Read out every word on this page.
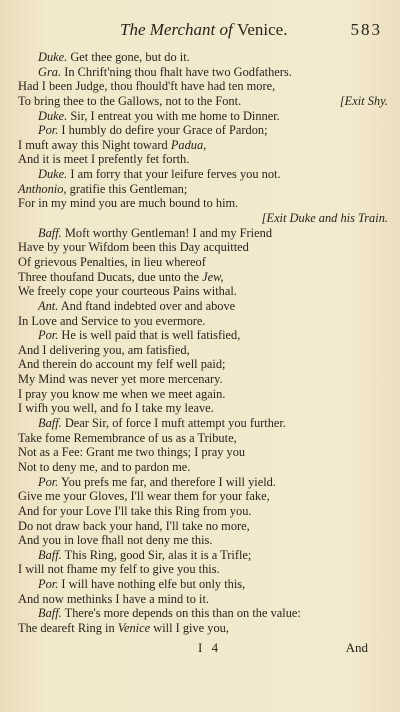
The Merchant of Venice.	583
Duke. Get thee gone, but do it.
Gra. In Chrift'ning thou fhalt have two Godfathers.
Had I been Judge, thou fhould'ft have had ten more,
To bring thee to the Gallows, not to the Font.	[Exit Shy.
Duke. Sir, I entreat you with me home to Dinner.
Por. I humbly do defire your Grace of Pardon;
I muft away this Night toward Padua,
And it is meet I prefently fet forth.
Duke. I am forry that your leifure ferves you not.
Anthonio, gratifie this Gentleman;
For in my mind you are much bound to him.
[Exit Duke and his Train.
Baff. Moft worthy Gentleman! I and my Friend
Have by your Wifdom been this Day acquitted
Of grievous Penalties, in lieu whereof
Three thoufand Ducats, due unto the Jew,
We freely cope your courteous Pains withal.
Ant. And ftand indebted over and above
In Love and Service to you evermore.
Por. He is well paid that is well fatisfied,
And I delivering you, am fatisfied,
And therein do account my felf well paid;
My Mind was never yet more mercenary.
I pray you know me when we meet again.
I wifh you well, and fo I take my leave.
Baff. Dear Sir, of force I muft attempt you further.
Take fome Remembrance of us as a Tribute,
Not as a Fee: Grant me two things; I pray you
Not to deny me, and to pardon me.
Por. You prefs me far, and therefore I will yield.
Give me your Gloves, I'll wear them for your fake,
And for your Love I'll take this Ring from you.
Do not draw back your hand, I'll take no more,
And you in love fhall not deny me this.
Baff. This Ring, good Sir, alas it is a Trifle;
I will not fhame my felf to give you this.
Por. I will have nothing elfe but only this,
And now methinks I have a mind to it.
Baff. There's more depends on this than on the value:
The deareft Ring in Venice will I give you,
I 4	And
